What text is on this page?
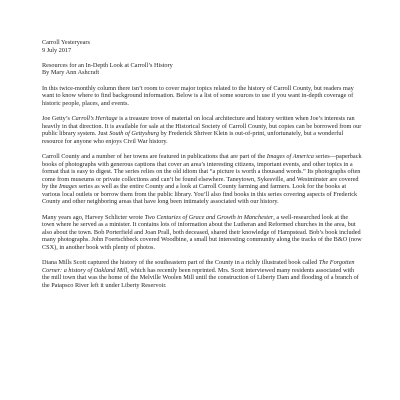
Carroll Yesteryears
9 July 2017
Resources for an In-Depth Look at Carroll’s History
By Mary Ann Ashcraft

In this twice-monthly column there isn’t room to cover major topics related to the history of Carroll County, but readers may want to know where to find background information. Below is a list of some sources to use if you want in-depth coverage of historic people, places, and events.

Joe Getty’s Carroll’s Heritage is a treasure trove of material on local architecture and history written when Joe’s interests ran heavily in that direction. It is available for sale at the Historical Society of Carroll County, but copies can be borrowed from our public library system. Just South of Gettysburg by Frederick Shriver Klein is out-of-print, unfortunately, but a wonderful resource for anyone who enjoys Civil War history.

Carroll County and a number of her towns are featured in publications that are part of the Images of America series—paperback books of photographs with generous captions that cover an area’s interesting citizens, important events, and other topics in a format that is easy to digest. The series relies on the old idiom that “a picture is worth a thousand words.” Its photographs often come from museums or private collections and can’t be found elsewhere. Taneytown, Sykesville, and Westminster are covered by the Images series as well as the entire County and a look at Carroll County farming and farmers. Look for the books at various local outlets or borrow them from the public library. You’ll also find books in this series covering aspects of Frederick County and other neighboring areas that have long been intimately associated with our history.

Many years ago, Harvey Schlicter wrote Two Centuries of Grace and Growth in Manchester, a well-researched look at the town where he served as a minister. It contains lots of information about the Lutheran and Reformed churches in the area, but also about the town. Bob Porterfield and Joan Prall, both deceased, shared their knowledge of Hampstead. Bob’s book included many photographs. John Foertschbeck covered Woodbine, a small but interesting community along the tracks of the B&O (now CSX), in another book with plenty of photos.

Diana Mills Scott captured the history of the southeastern part of the County in a richly illustrated book called The Forgotten Corner: a history of Oakland Mill, which has recently been reprinted. Mrs. Scott interviewed many residents associated with the mill town that was the home of the Melville Woolen Mill until the construction of Liberty Dam and flooding of a branch of the Patapsco River left it under Liberty Reservoir.
